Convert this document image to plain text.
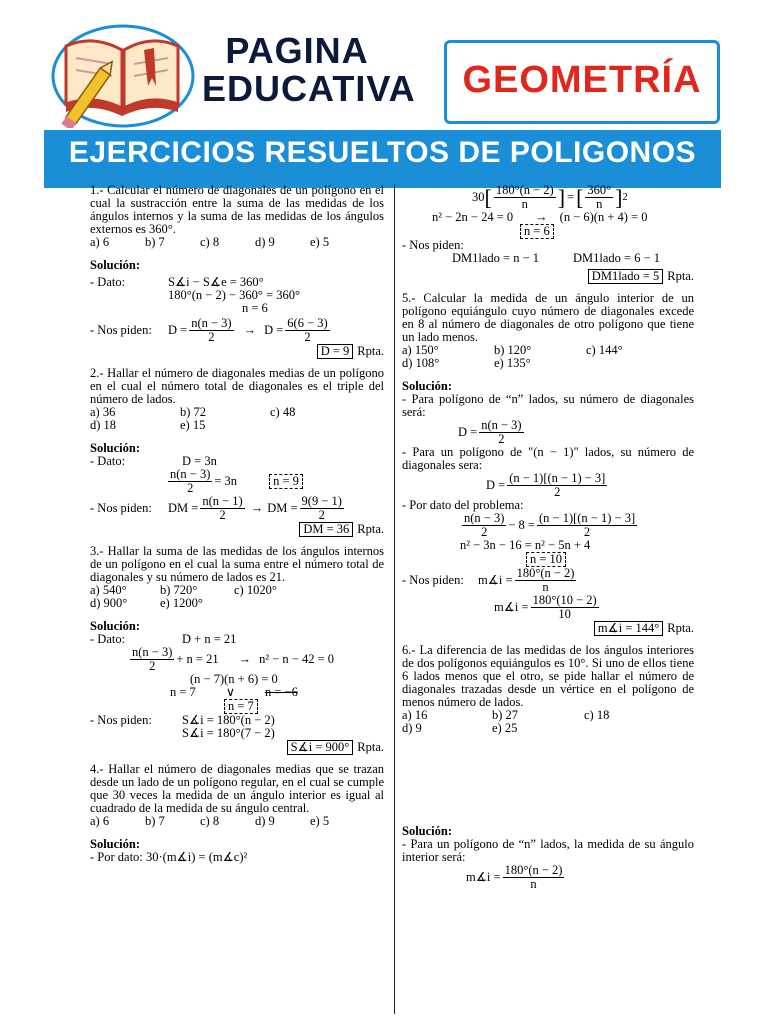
PAGINA
EDUCATIVA	GEOMETRÍA
EJERCICIOS RESUELTOS DE POLIGONOS

1.- Calcular el número de diagonales de un polígono en el cual la sustracción entre la suma de las medidas de los ángulos internos y la suma de las medidas de los ángulos externos es 360°.

a) 6	b) 7	c) 8	d) 9	e) 5
Solución:
- Dato:	S∡i − S∡e = 360°
180°(n − 2) − 360° = 360°
n = 6
- Nos piden:	$D = \frac{n(n - 3)}{2} \to D = \frac{6(6 - 3)}{2}$
D = 9 Rpta.

2.- Hallar el número de diagonales medias de un polígono en el cual el número total de diagonales es el triple del número de lados.

a) 36	b) 72	c) 48
d) 18	e) 15
Solución:
- Dato:	D = 3n
$\frac{n(n - 3)}{2} = 3n$	n = 9
- Nos piden:	DM = $\frac{n(n - 1)}{2}$ → DM = $\frac{9(9 - 1)}{2}$
DM = 36 Rpta.

3.- Hallar la suma de las medidas de los ángulos internos de un polígono en el cual la suma entre el número total de diagonales y su número de lados es 21.

a) 540°	b) 720°	c) 1020°
d) 900°	e) 1200°
Solución:
- Dato:	D + n = 21
$\frac{n(n - 3)}{2} + n = 21 \to n^2 - n - 42 = 0$
(n − 7)(n + 6) = 0
n = 7 ∨ n = −6
n = 7
- Nos piden:	S∡i = 180°(n − 2)
S∡i = 180°(7 − 2)
S∡i = 900° Rpta.

4.- Hallar el número de diagonales medias que se trazan desde un lado de un polígono regular, en el cual se cumple que 30 veces la medida de un ángulo interior es igual al cuadrado de la medida de su ángulo central.

a) 6	b) 7	c) 8	d) 9	e) 5
Solución:
- Por dato: 30·(m∡i) = (m∡c)²
30 [ $\frac{180^\circ(n - 2)}{n}$ ] = [ $\frac{360^\circ}{n}$ ] 2
n² − 2n − 24 = 0 → (n − 6)(n + 4) = 0
n = 6
- Nos piden:
DM1lado = n − 1	DM1lado = 6 − 1
DM1lado = 5 Rpta.

5.- Calcular la medida de un ángulo interior de un polígono equiángulo cuyo número de diagonales excede en 8 al número de diagonales de otro polígono que tiene un lado menos.

a) 150°	b) 120°	c) 144°
d) 108°	e) 135°
Solución:

- Para polígono de “n” lados, su número de diagonales será:

$D = \frac{n(n - 3)}{2}$

- Para un polígono de "(n − 1)" lados, su número de diagonales sera:

$D = \frac{(n - 1)[(n - 1) - 3]}{2}$

- Por dato del problema:

$\frac{n(n - 3)}{2} - 8 = \frac{(n - 1)[(n - 1) - 3]}{2}$
n² − 3n − 16 = n² − 5n + 4
n = 10
- Nos piden:	m∡i = $\frac{180^\circ(n - 2)}{n}$
m∡i = $\frac{180^\circ(10 - 2)}{10}$
m∡i = 144° Rpta.

6.- La diferencia de las medidas de los ángulos interiores de dos polígonos equiángulos es 10°. Si uno de ellos tiene 6 lados menos que el otro, se pide hallar el número de diagonales trazadas desde un vértice en el polígono de menos número de lados.

a) 16	b) 27	c) 18
d) 9	e) 25
Solución:

- Para un polígono de “n” lados, la medida de su ángulo interior será:

m∡i = $\frac{180^\circ(n - 2)}{n}$
